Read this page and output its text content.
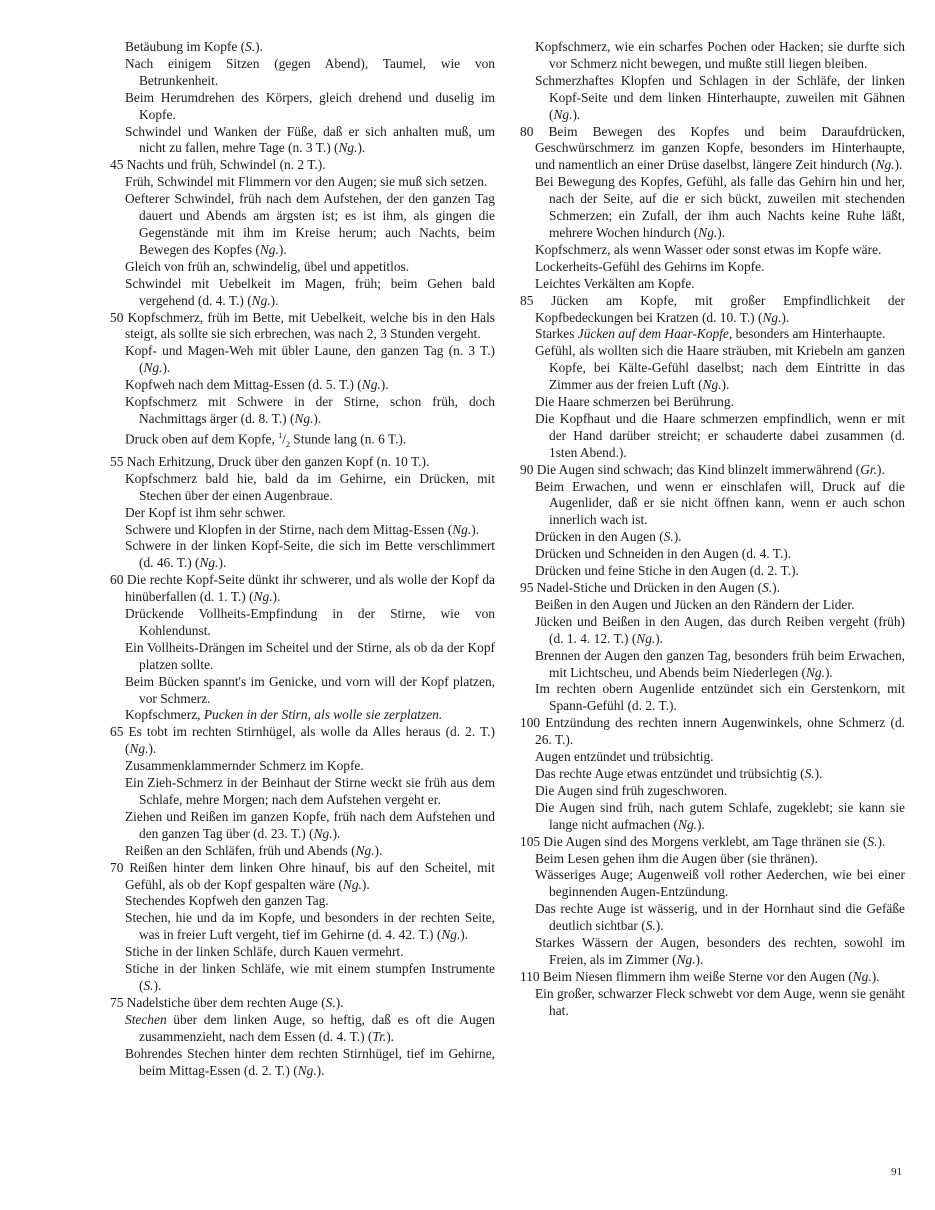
Betäubung im Kopfe (S.).
Nach einigem Sitzen (gegen Abend), Taumel, wie von Betrunkenheit.
Beim Herumdrehen des Körpers, gleich drehend und duselig im Kopfe.
Schwindel und Wanken der Füße, daß er sich anhalten muß, um nicht zu fallen, mehre Tage (n. 3 T.) (Ng.).
45 Nachts und früh, Schwindel (n. 2 T.).
Früh, Schwindel mit Flimmern vor den Augen; sie muß sich setzen.
Oefterer Schwindel, früh nach dem Aufstehen, der den ganzen Tag dauert und Abends am ärgsten ist; es ist ihm, als gingen die Gegenstände mit ihm im Kreise herum; auch Nachts, beim Bewegen des Kopfes (Ng.).
Gleich von früh an, schwindelig, übel und appetitlos.
Schwindel mit Uebelkeit im Magen, früh; beim Gehen bald vergehend (d. 4. T.) (Ng.).
50 Kopfschmerz, früh im Bette, mit Uebelkeit, welche bis in den Hals steigt, als sollte sie sich erbrechen, was nach 2, 3 Stunden vergeht.
Kopf- und Magen-Weh mit übler Laune, den ganzen Tag (n. 3 T.) (Ng.).
Kopfweh nach dem Mittag-Essen (d. 5. T.) (Ng.).
Kopfschmerz mit Schwere in der Stirne, schon früh, doch Nachmittags ärger (d. 8. T.) (Ng.).
Druck oben auf dem Kopfe, $^1/_2$ Stunde lang (n. 6 T.).
55 Nach Erhitzung, Druck über den ganzen Kopf (n. 10 T.).
Kopfschmerz bald hie, bald da im Gehirne, ein Drücken, mit Stechen über der einen Augenbraue.
Der Kopf ist ihm sehr schwer.
Schwere und Klopfen in der Stirne, nach dem Mittag-Essen (Ng.).
Schwere in der linken Kopf-Seite, die sich im Bette verschlimmert (d. 46. T.) (Ng.).
60 Die rechte Kopf-Seite dünkt ihr schwerer, und als wolle der Kopf da hinüberfallen (d. 1. T.) (Ng.).
Drückende Vollheits-Empfindung in der Stirne, wie von Kohlendunst.
Ein Vollheits-Drängen im Scheitel und der Stirne, als ob da der Kopf platzen sollte.
Beim Bücken spannt's im Genicke, und vorn will der Kopf platzen, vor Schmerz.
Kopfschmerz, Pucken in der Stirn, als wolle sie zerplatzen.
65 Es tobt im rechten Stirnhügel, als wolle da Alles heraus (d. 2. T.) (Ng.).
Zusammenklammernder Schmerz im Kopfe.
Ein Zieh-Schmerz in der Beinhaut der Stirne weckt sie früh aus dem Schlafe, mehre Morgen; nach dem Aufstehen vergeht er.
Ziehen und Reißen im ganzen Kopfe, früh nach dem Aufstehen und den ganzen Tag über (d. 23. T.) (Ng.).
Reißen an den Schläfen, früh und Abends (Ng.).
70 Reißen hinter dem linken Ohre hinauf, bis auf den Scheitel, mit Gefühl, als ob der Kopf gespalten wäre (Ng.).
Stechendes Kopfweh den ganzen Tag.
Stechen, hie und da im Kopfe, und besonders in der rechten Seite, was in freier Luft vergeht, tief im Gehirne (d. 4. 42. T.) (Ng.).
Stiche in der linken Schläfe, durch Kauen vermehrt.
Stiche in der linken Schläfe, wie mit einem stumpfen Instrumente (S.).
75 Nadelstiche über dem rechten Auge (S.).
Stechen über dem linken Auge, so heftig, daß es oft die Augen zusammenzieht, nach dem Essen (d. 4. T.) (Tr.).
Bohrendes Stechen hinter dem rechten Stirnhügel, tief im Gehirne, beim Mittag-Essen (d. 2. T.) (Ng.).
Kopfschmerz, wie ein scharfes Pochen oder Hacken; sie durfte sich vor Schmerz nicht bewegen, und mußte still liegen bleiben.
Schmerzhaftes Klopfen und Schlagen in der Schläfe, der linken Kopf-Seite und dem linken Hinterhaupte, zuweilen mit Gähnen (Ng.).
80 Beim Bewegen des Kopfes und beim Daraufdrücken, Geschwürschmerz im ganzen Kopfe, besonders im Hinterhaupte, und namentlich an einer Drüse daselbst, längere Zeit hindurch (Ng.).
Bei Bewegung des Kopfes, Gefühl, als falle das Gehirn hin und her, nach der Seite, auf die er sich bückt, zuweilen mit stechenden Schmerzen; ein Zufall, der ihm auch Nachts keine Ruhe läßt, mehrere Wochen hindurch (Ng.).
Kopfschmerz, als wenn Wasser oder sonst etwas im Kopfe wäre.
Lockerheits-Gefühl des Gehirns im Kopfe.
Leichtes Verkälten am Kopfe.
85 Jücken am Kopfe, mit großer Empfindlichkeit der Kopfbedeckungen bei Kratzen (d. 10. T.) (Ng.).
Starkes Jücken auf dem Haar-Kopfe, besonders am Hinterhaupte.
Gefühl, als wollten sich die Haare sträuben, mit Kriebeln am ganzen Kopfe, bei Kälte-Gefühl daselbst; nach dem Eintritte in das Zimmer aus der freien Luft (Ng.).
Die Haare schmerzen bei Berührung.
Die Kopfhaut und die Haare schmerzen empfindlich, wenn er mit der Hand darüber streicht; er schauderte dabei zusammen (d. 1sten Abend.).
90 Die Augen sind schwach; das Kind blinzelt immerwährend (Gr.).
Beim Erwachen, und wenn er einschlafen will, Druck auf die Augenlider, daß er sie nicht öffnen kann, wenn er auch schon innerlich wach ist.
Drücken in den Augen (S.).
Drücken und Schneiden in den Augen (d. 4. T.).
Drücken und feine Stiche in den Augen (d. 2. T.).
95 Nadel-Stiche und Drücken in den Augen (S.).
Beißen in den Augen und Jücken an den Rändern der Lider.
Jücken und Beißen in den Augen, das durch Reiben vergeht (früh) (d. 1. 4. 12. T.) (Ng.).
Brennen der Augen den ganzen Tag, besonders früh beim Erwachen, mit Lichtscheu, und Abends beim Niederlegen (Ng.).
Im rechten obern Augenlide entzündet sich ein Gerstenkorn, mit Spann-Gefühl (d. 2. T.).
100 Entzündung des rechten innern Augenwinkels, ohne Schmerz (d. 26. T.).
Augen entzündet und trübsichtig.
Das rechte Auge etwas entzündet und trübsichtig (S.).
Die Augen sind früh zugeschworen.
Die Augen sind früh, nach gutem Schlafe, zugeklebt; sie kann sie lange nicht aufmachen (Ng.).
105 Die Augen sind des Morgens verklebt, am Tage thränen sie (S.).
Beim Lesen gehen ihm die Augen über (sie thränen).
Wässeriges Auge; Augenweiß voll rother Aederchen, wie bei einer beginnenden Augen-Entzündung.
Das rechte Auge ist wässerig, und in der Hornhaut sind die Gefäße deutlich sichtbar (S.).
Starkes Wässern der Augen, besonders des rechten, sowohl im Freien, als im Zimmer (Ng.).
110 Beim Niesen flimmern ihm weiße Sterne vor den Augen (Ng.).
Ein großer, schwarzer Fleck schwebt vor dem Auge, wenn sie genäht hat.
91
